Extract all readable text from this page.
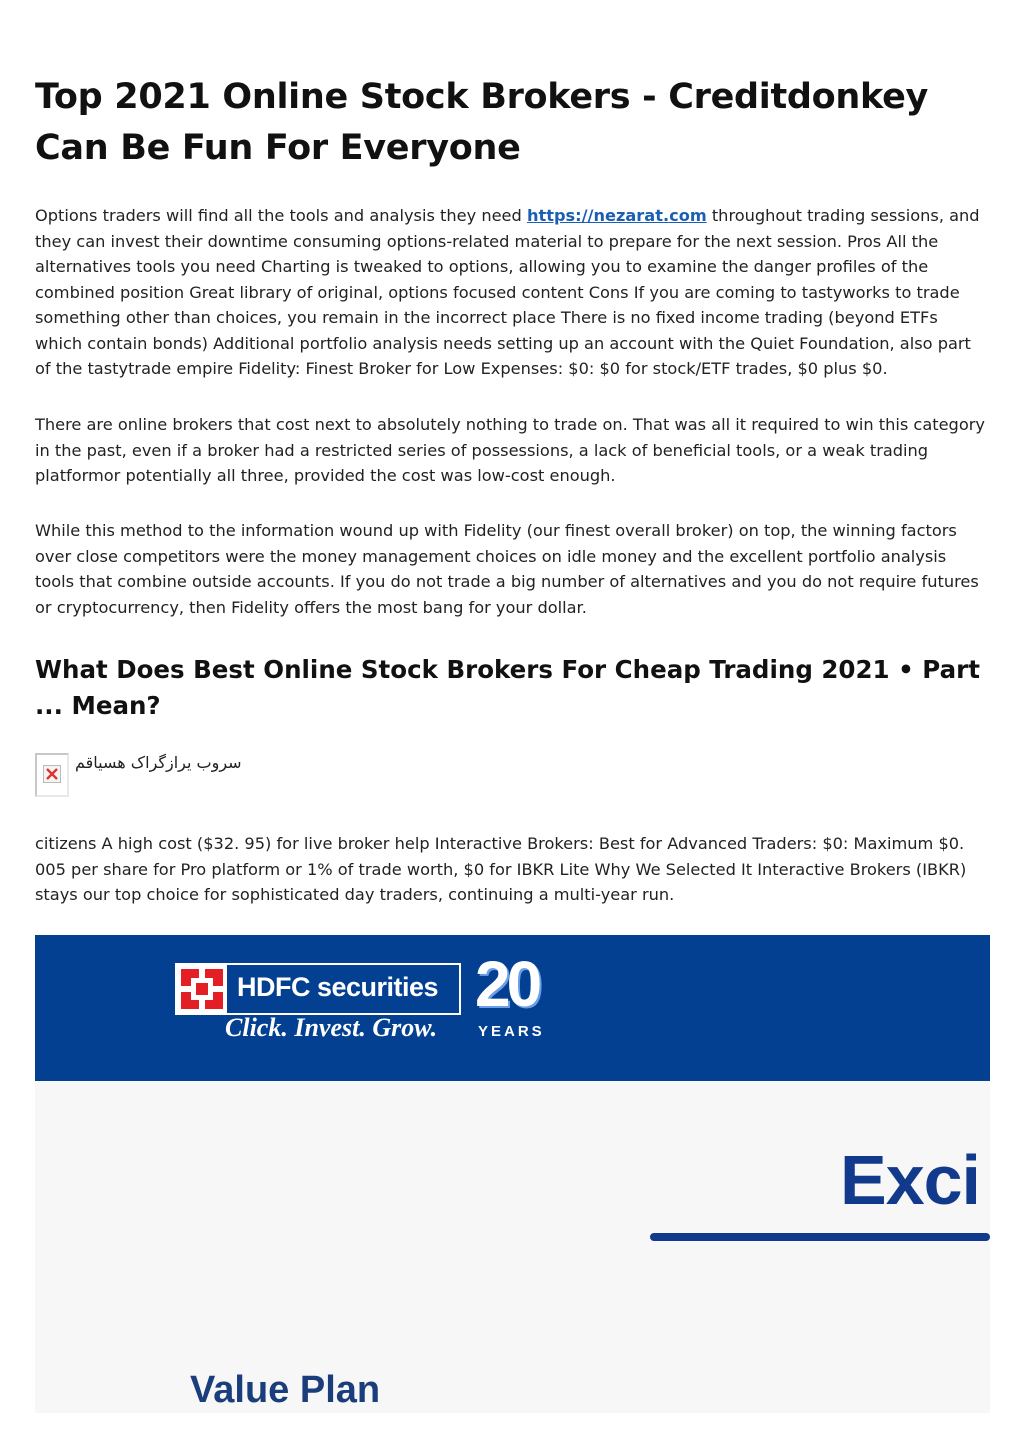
Top 2021 Online Stock Brokers - Creditdonkey Can Be Fun For Everyone

Options traders will find all the tools and analysis they need https://nezarat.com throughout trading sessions, and they can invest their downtime consuming options-related material to prepare for the next session. Pros All the alternatives tools you need Charting is tweaked to options, allowing you to examine the danger profiles of the combined position Great library of original, options focused content Cons If you are coming to tastyworks to trade something other than choices, you remain in the incorrect place There is no fixed income trading (beyond ETFs which contain bonds) Additional portfolio analysis needs setting up an account with the Quiet Foundation, also part of the tastytrade empire Fidelity: Finest Broker for Low Expenses: $0: $0 for stock/ETF trades, $0 plus $0.

There are online brokers that cost next to absolutely nothing to trade on. That was all it required to win this category in the past, even if a broker had a restricted series of possessions, a lack of beneficial tools, or a weak trading platformor potentially all three, provided the cost was low-cost enough.

While this method to the information wound up with Fidelity (our finest overall broker) on top, the winning factors over close competitors were the money management choices on idle money and the excellent portfolio analysis tools that combine outside accounts. If you do not trade a big number of alternatives and you do not require futures or cryptocurrency, then Fidelity offers the most bang for your dollar.

What Does Best Online Stock Brokers For Cheap Trading 2021 • Part ... Mean?
سروب یرازگراک هسیاقم

citizens A high cost ($32. 95) for live broker help Interactive Brokers: Best for Advanced Traders: $0: Maximum $0. 005 per share for Pro platform or 1% of trade worth, $0 for IBKR Lite Why We Selected It Interactive Brokers (IBKR) stays our top choice for sophisticated day traders, continuing a multi-year run.

HDFC securities
Click. Invest. Grow.
20
YEARS
Exci
Value Plan
